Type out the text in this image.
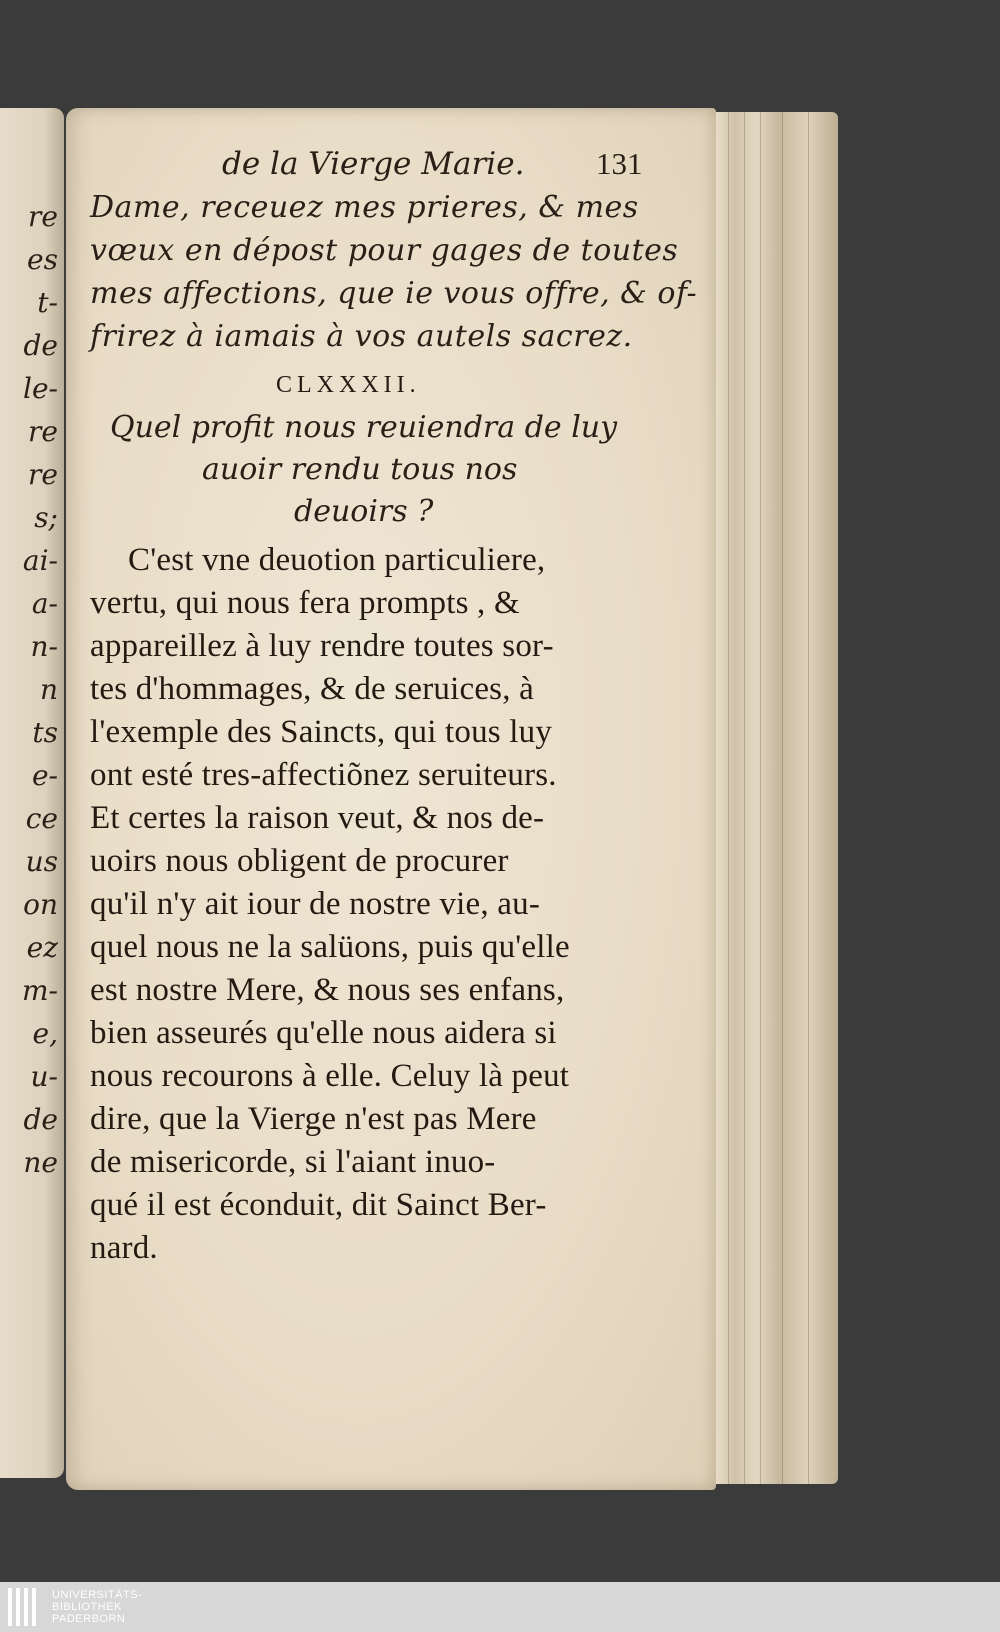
re
es
t-
de
le-
re
re
s;
ai-
a-
n-
n
ts
e-
ce
us
on
ez
m-
e,
u-
de
ne
de la Vierge Marie. 131
Dame, receuez mes prieres, & mes
vœux en dépost pour gages de toutes
mes affections, que ie vous offre, & of-
frirez à iamais à vos autels sacrez.
CLXXXII.
Quel profit nous reuiendra de luy
auoir rendu tous nos
deuoirs ?
C'est vne deuotion particuliere,
vertu, qui nous fera prompts , &
appareillez à luy rendre toutes sor-
tes d'hommages, & de seruices, à
l'exemple des Saincts, qui tous luy
ont esté tres-affectiõnez seruiteurs.
Et certes la raison veut, & nos de-
uoirs nous obligent de procurer
qu'il n'y ait iour de nostre vie, au-
quel nous ne la salüons, puis qu'elle
est nostre Mere, & nous ses enfans,
bien asseurés qu'elle nous aidera si
nous recourons à elle. Celuy là peut
dire, que la Vierge n'est pas Mere
de misericorde, si l'aiant inuo-
qué il est éconduit, dit Sainct Ber-
nard.
UNIVERSITÄTS-
BIBLIOTHEK
PADERBORN
